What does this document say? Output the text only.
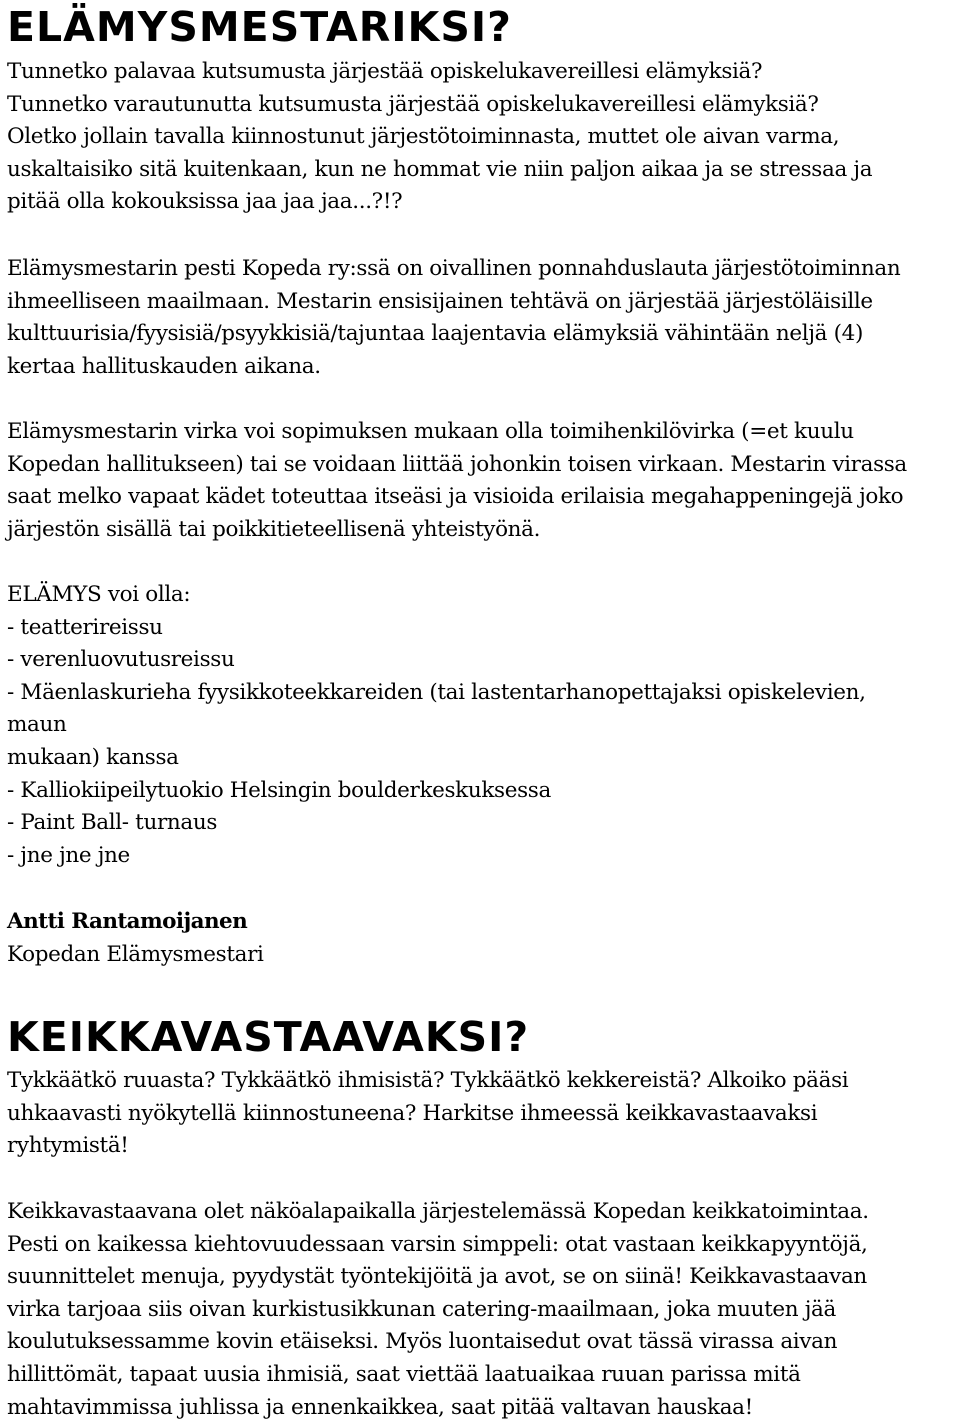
ELÄMYSMESTARIKSI?
Tunnetko palavaa kutsumusta järjestää opiskelukavereillesi elämyksiä?
Tunnetko varautunutta kutsumusta järjestää opiskelukavereillesi elämyksiä?
Oletko jollain tavalla kiinnostunut järjestötoiminnasta, muttet ole aivan varma,
uskaltaisiko sitä kuitenkaan, kun ne hommat vie niin paljon aikaa ja se stressaa ja
pitää olla kokouksissa jaa jaa jaa...?!?
Elämysmestarin pesti Kopeda ry:ssä on oivallinen ponnahduslauta järjestötoiminnan
ihmeelliseen maailmaan. Mestarin ensisijainen tehtävä on järjestää järjestöläisille
kulttuurisia/fyysisiä/psyykkisiä/tajuntaa laajentavia elämyksiä vähintään neljä (4)
kertaa hallituskauden aikana.
Elämysmestarin virka voi sopimuksen mukaan olla toimihenkilövirka (=et kuulu
Kopedan hallitukseen) tai se voidaan liittää johonkin toisen virkaan. Mestarin virassa
saat melko vapaat kädet toteuttaa itseäsi ja visioida erilaisia megahappeningejä joko
järjestön sisällä tai poikkitieteellisenä yhteistyönä.
ELÄMYS voi olla:
- teatterireissu
- verenluovutusreissu
- Mäenlaskurieha fyysikkoteekkareiden (tai lastentarhanopettajaksi opiskelevien,
maun
mukaan) kanssa
- Kalliokiipeilytuokio Helsingin boulderkeskuksessa
- Paint Ball- turnaus
- jne jne jne
Antti Rantamoijanen
Kopedan Elämysmestari
KEIKKAVASTAAVAKSI?
Tykkäätkö ruuasta? Tykkäätkö ihmisistä? Tykkäätkö kekkereistä? Alkoiko pääsi
uhkaavasti nyökytellä kiinnostuneena? Harkitse ihmeessä keikkavastaavaksi
ryhtymistä!
Keikkavastaavana olet näköalapaikalla järjestelemässä Kopedan keikkatoimintaa.
Pesti on kaikessa kiehtovuudessaan varsin simppeli: otat vastaan keikkapyyntöjä,
suunnittelet menuja, pyydystät työntekijöitä ja avot, se on siinä! Keikkavastaavan
virka tarjoaa siis oivan kurkistusikkunan catering-maailmaan, joka muuten jää
koulutuksessamme kovin etäiseksi. Myös luontaisedut ovat tässä virassa aivan
hillittömät, tapaat uusia ihmisiä, saat viettää laatuaikaa ruuan parissa mitä
mahtavimmissa juhlissa ja ennenkaikkea, saat pitää valtavan hauskaa!
